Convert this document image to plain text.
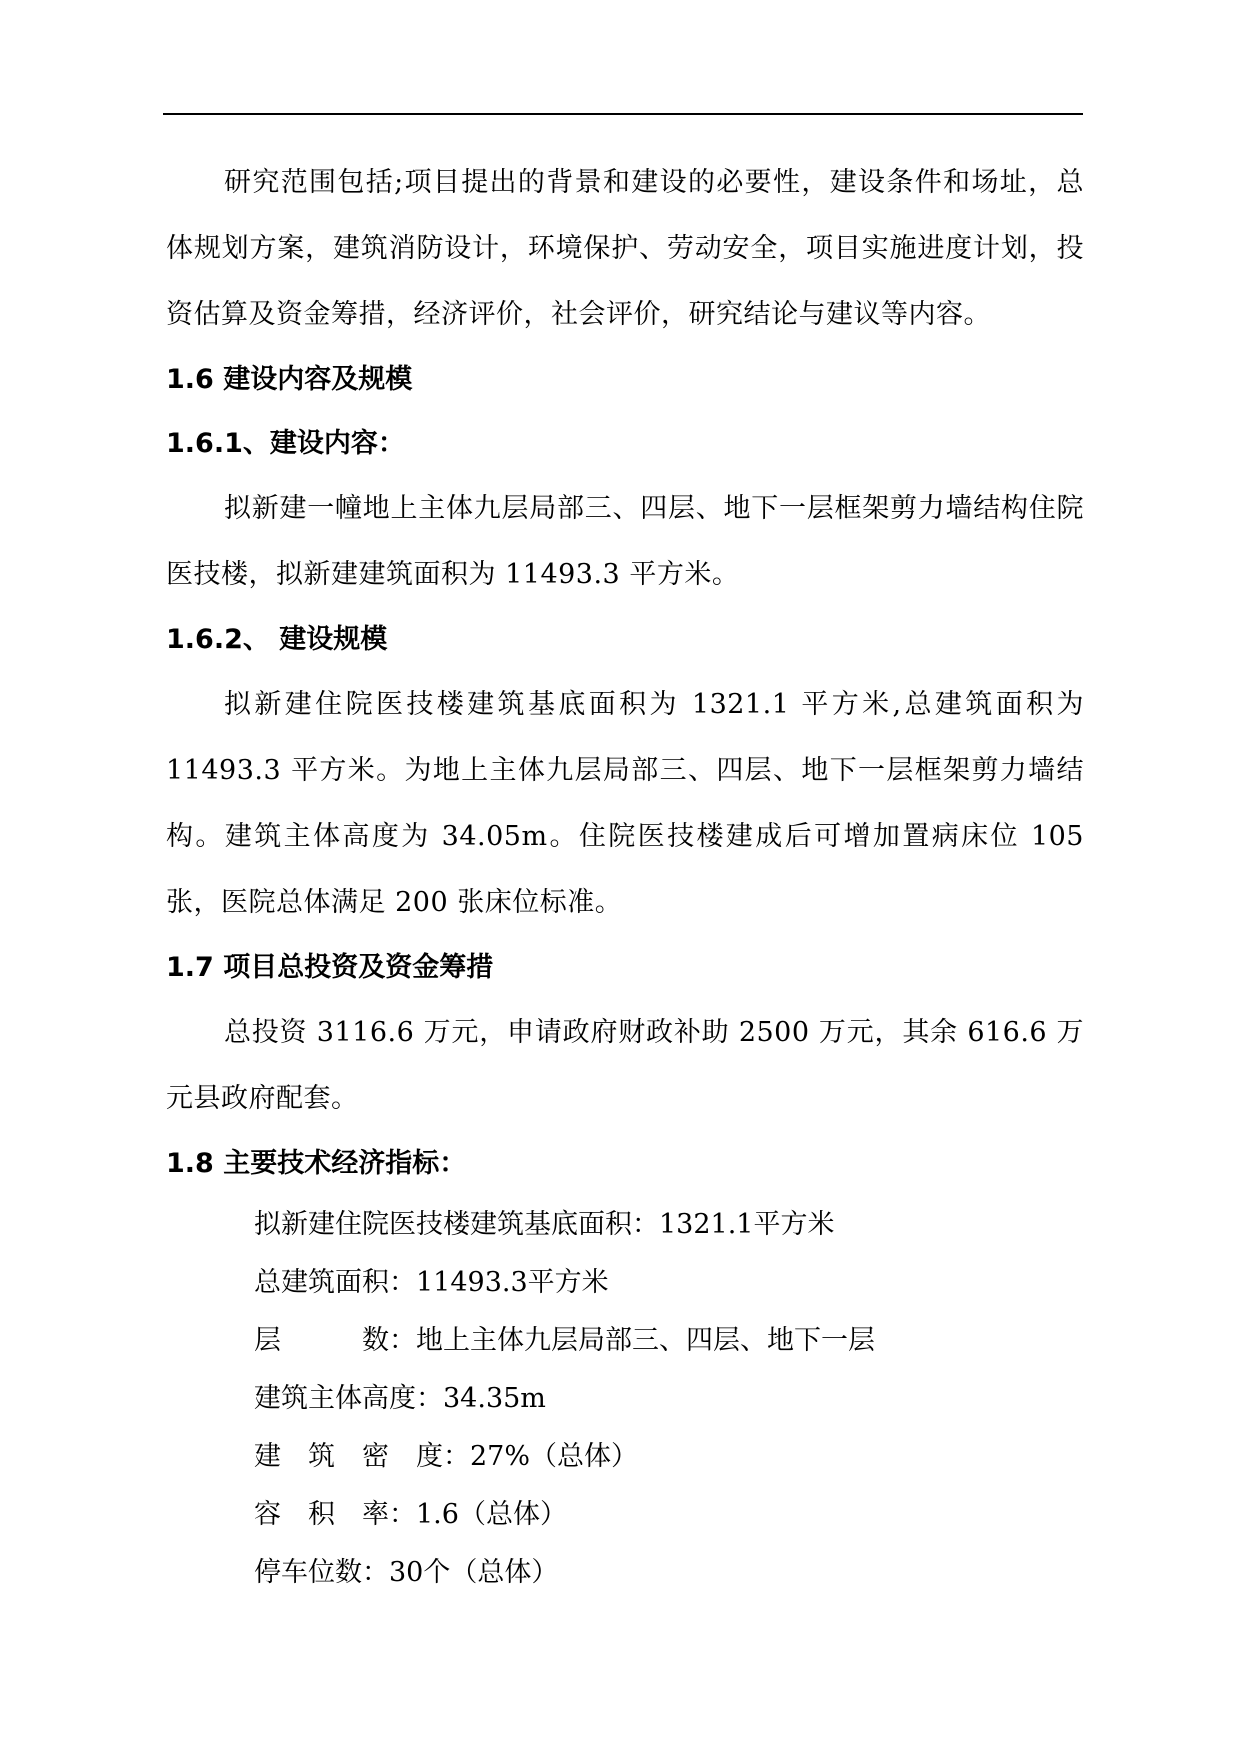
研究范围包括;项目提出的背景和建设的必要性，建设条件和场址，总体规划方案，建筑消防设计，环境保护、劳动安全，项目实施进度计划，投资估算及资金筹措，经济评价，社会评价，研究结论与建议等内容。

1.6 建设内容及规模
1.6.1、建设内容：

拟新建一幢地上主体九层局部三、四层、地下一层框架剪力墙结构住院医技楼，拟新建建筑面积为 11493.3 平方米。

1.6.2、 建设规模

拟新建住院医技楼建筑基底面积为 1321.1 平方米,总建筑面积为 11493.3 平方米。为地上主体九层局部三、四层、地下一层框架剪力墙结构。建筑主体高度为 34.05m。住院医技楼建成后可增加置病床位 105 张，医院总体满足 200 张床位标准。

1.7 项目总投资及资金筹措

总投资 3116.6 万元，申请政府财政补助 2500 万元，其余 616.6 万元县政府配套。

1.8 主要技术经济指标：
拟新建住院医技楼建筑基底面积：1321.1平方米
总建筑面积：11493.3平方米
层　　　数：地上主体九层局部三、四层、地下一层
建筑主体高度：34.35m
建　筑　密　度：27%（总体）
容　积　率：1.6（总体）
停车位数：30个（总体）
